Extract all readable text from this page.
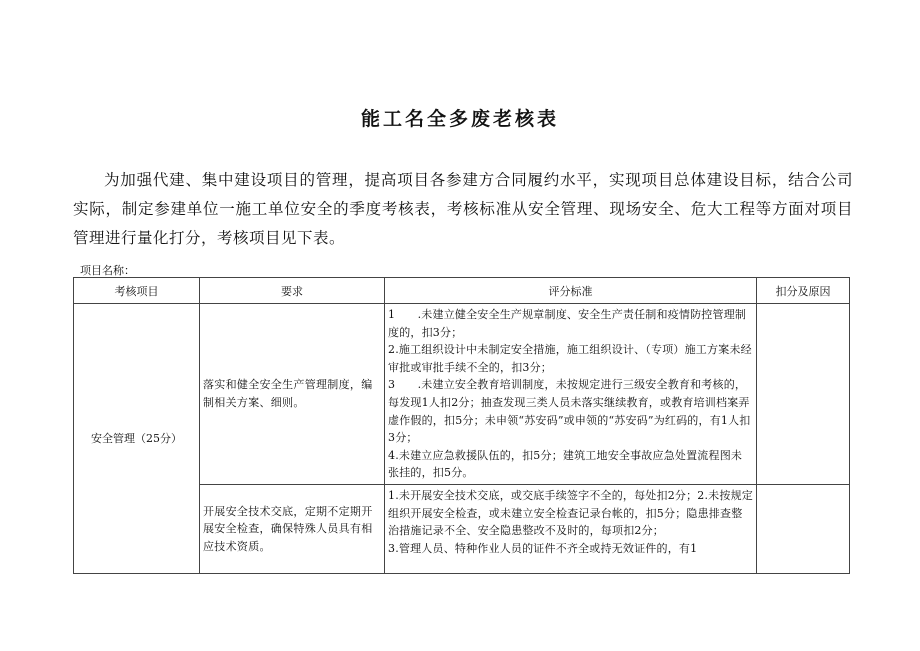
能工名全多废老核表

为加强代建、集中建设项目的管理，提高项目各参建方合同履约水平，实现项目总体建设目标，结合公司实际，制定参建单位一施工单位安全的季度考核表，考核标准从安全管理、现场安全、危大工程等方面对项目管理进行量化打分，考核项目见下表。

项目名称：
考核项目	要求	评分标准	扣分及原因
安全管理（25分）	落实和健全安全生产管理制度，编制相关方案、细则。	1　　.未建立健全安全生产规章制度、安全生产责任制和疫情防控管理制度的，扣3分；
2.施工组织设计中未制定安全措施，施工组织设计、（专项）施工方案未经审批或审批手续不全的，扣3分；
3　　.未建立安全教育培训制度，未按规定进行三级安全教育和考核的，每发现1人扣2分；抽查发现三类人员未落实继续教育，或教育培训档案弄虚作假的，扣5分；未申领“苏安码”或申领的“苏安码”为红码的，有1人扣3分；
4.未建立应急救援队伍的，扣5分；建筑工地安全事故应急处置流程图未张挂的，扣5分。	

	开展安全技术交底，定期不定期开展安全检查，确保特殊人员具有相应技术资质。	1.未开展安全技术交底，或交底手续签字不全的，每处扣2分；2.未按规定组织开展安全检查，或未建立安全检查记录台帐的，扣5分；隐患排查整治措施记录不全、安全隐患整改不及时的，每项扣2分；
3.管理人员、特种作业人员的证件不齐全或持无效证件的，有1	
